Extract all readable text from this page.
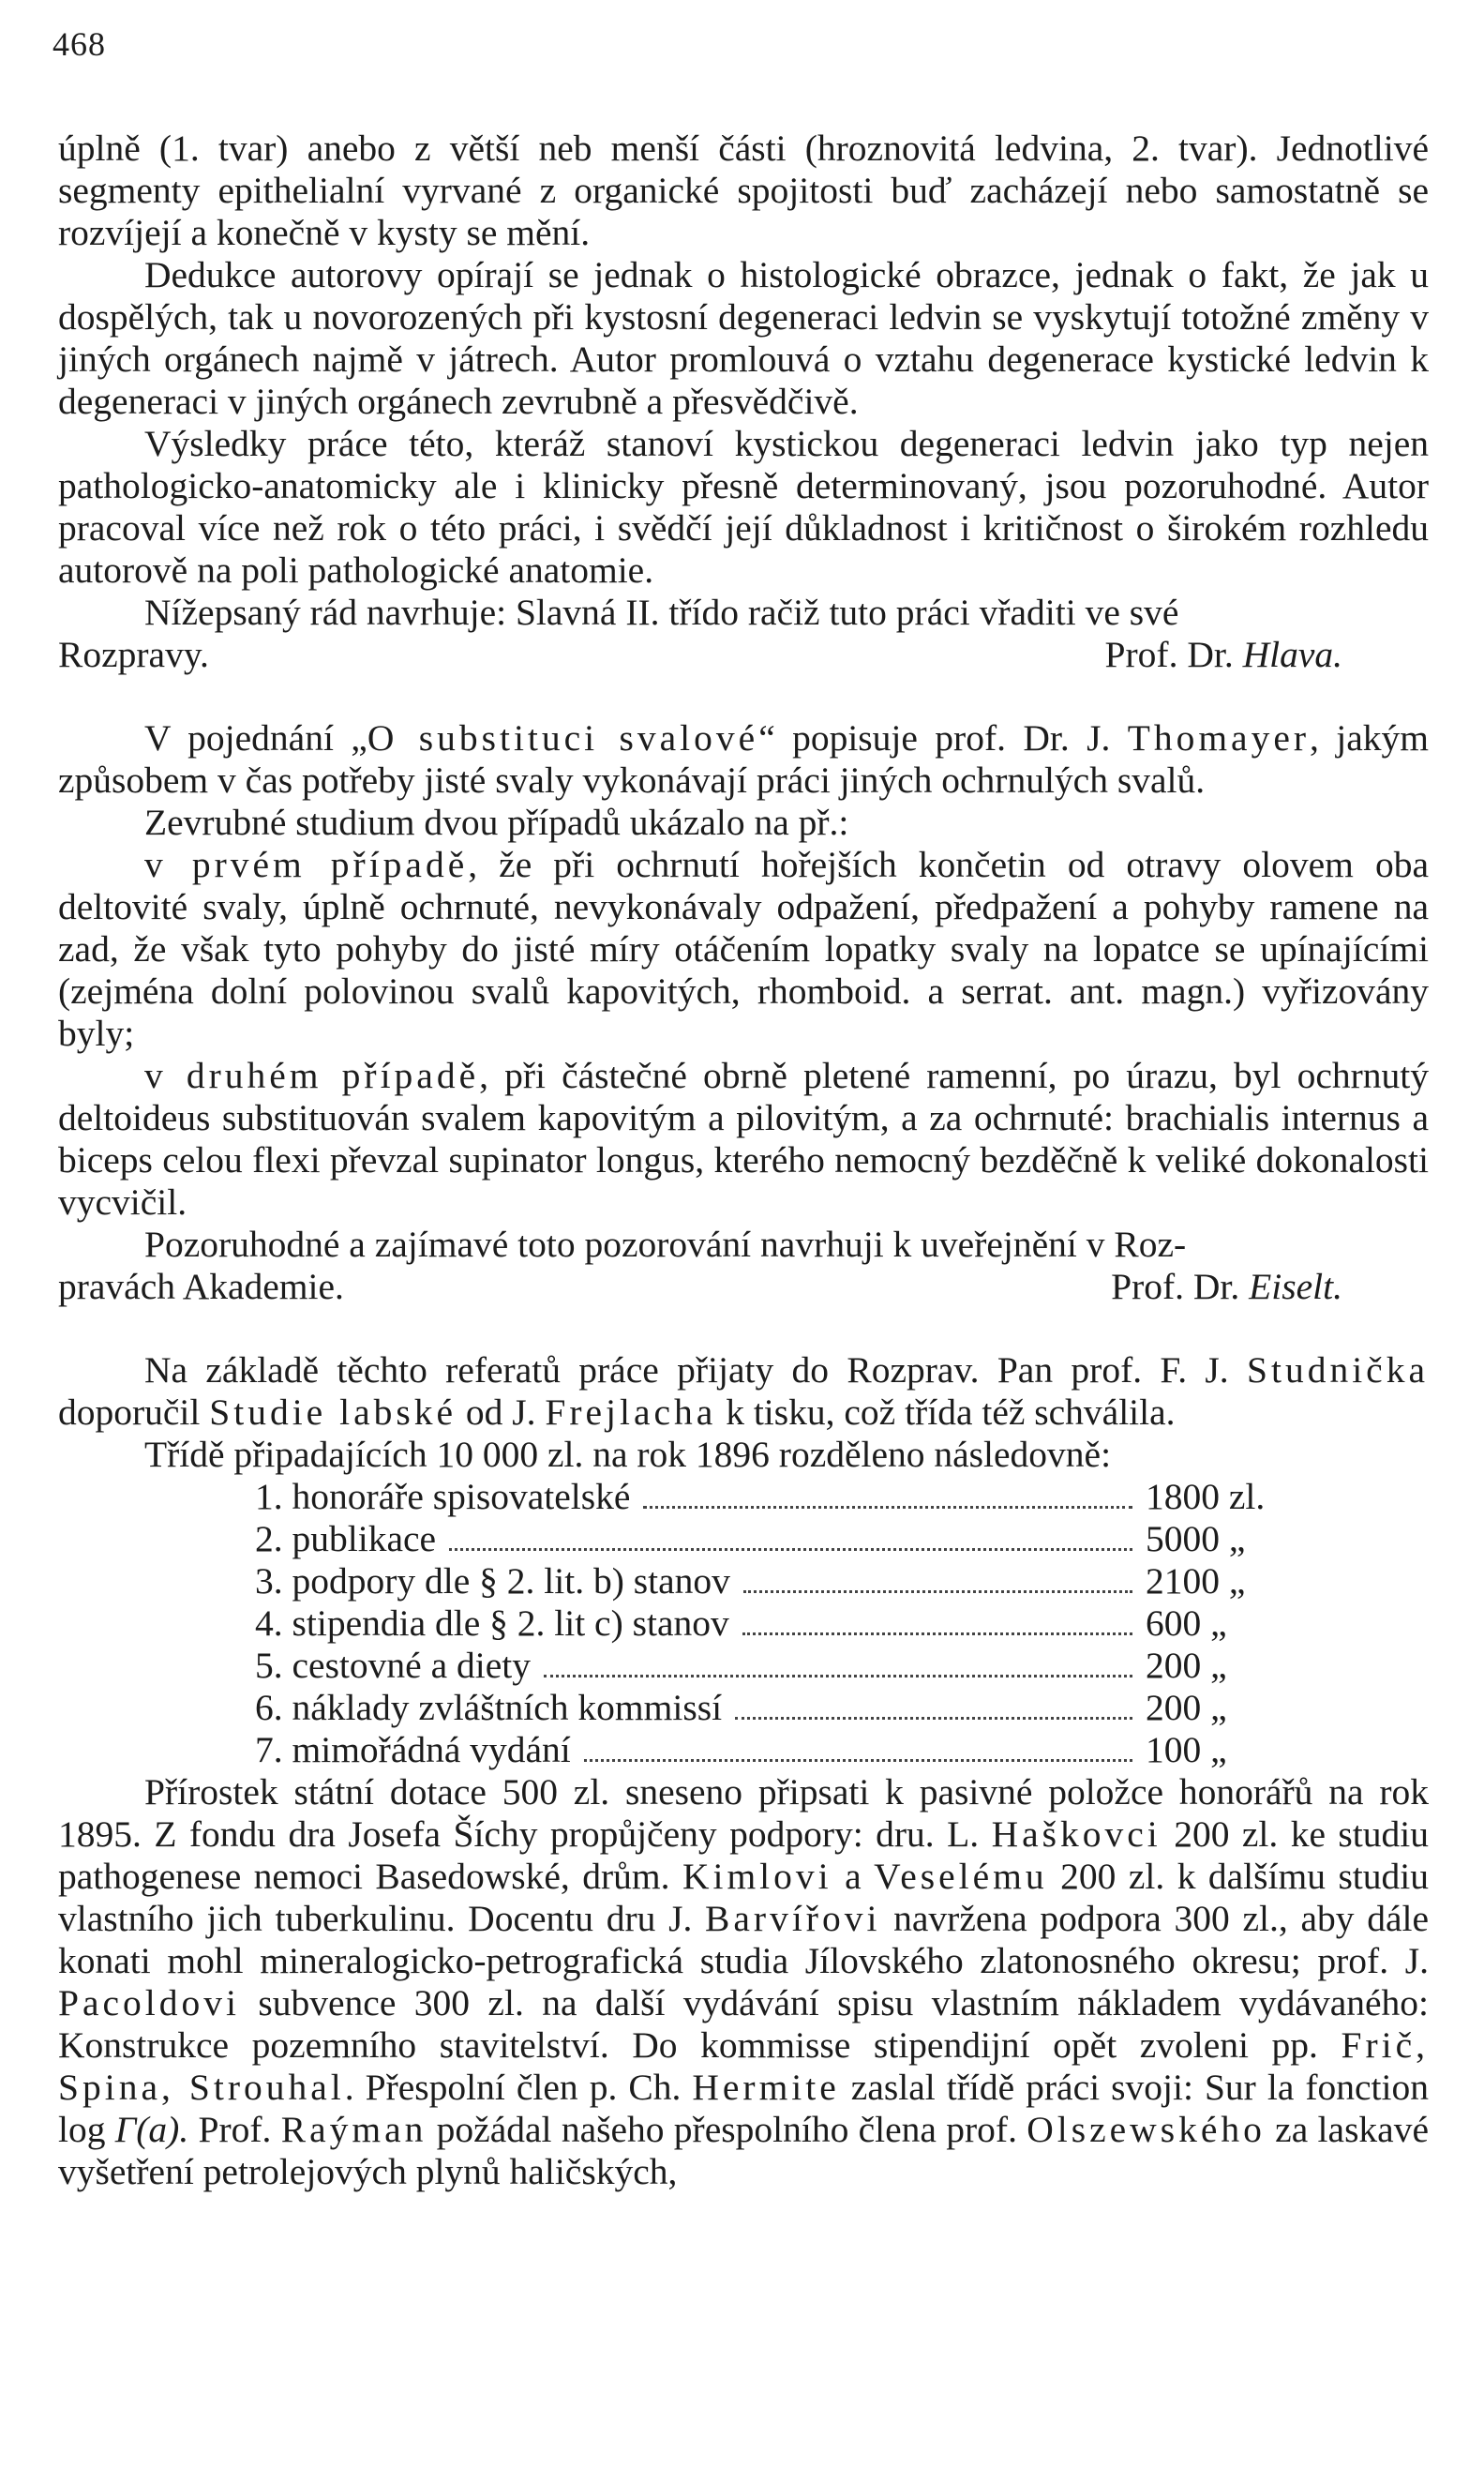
468

úplně (1. tvar) anebo z větší neb menší části (hroznovitá ledvina, 2. tvar). Jednotlivé segmenty epithelialní vyrvané z organické spojitosti buď zacházejí nebo samostatně se rozvíjejí a konečně v kysty se mění.

Dedukce autorovy opírají se jednak o histologické obrazce, jednak o fakt, že jak u dospělých, tak u novorozených při kystosní degeneraci ledvin se vyskytují totožné změny v jiných orgánech najmě v játrech. Autor promlouvá o vztahu degenerace kystické ledvin k degeneraci v jiných orgánech zevrubně a přesvědčivě.

Výsledky práce této, kteráž stanoví kystickou degeneraci ledvin jako typ nejen pathologicko-anatomicky ale i klinicky přesně determinovaný, jsou pozoruhodné. Autor pracoval více než rok o této práci, i svědčí její důkladnost i kritičnost o širokém rozhledu autorově na poli pathologické anatomie.

Nížepsaný rád navrhuje: Slavná II. třído račiž tuto práci vřaditi ve své

Rozpravy.	Prof. Dr. Hlava.

V pojednání „O substituci svalové“ popisuje prof. Dr. J. Thomayer, jakým způsobem v čas potřeby jisté svaly vykonávají práci jiných ochrnulých svalů.

Zevrubné studium dvou případů ukázalo na př.:

v prvém případě, že při ochrnutí hořejších končetin od otravy olovem oba deltovité svaly, úplně ochrnuté, nevykonávaly odpažení, předpažení a pohyby ramene na zad, že však tyto pohyby do jisté míry otáčením lopatky svaly na lopatce se upínajícími (zejména dolní polovinou svalů kapovitých, rhomboid. a serrat. ant. magn.) vyřizovány byly;

v druhém případě, při částečné obrně pletené ramenní, po úrazu, byl ochrnutý deltoideus substituován svalem kapovitým a pilovitým, a za ochrnuté: brachialis internus a biceps celou flexi převzal supinator longus, kterého nemocný bezděčně k veliké dokonalosti vycvičil.

Pozoruhodné a zajímavé toto pozorování navrhuji k uveřejnění v Roz-

pravách Akademie.	Prof. Dr. Eiselt.

Na základě těchto referatů práce přijaty do Rozprav. Pan prof. F. J. Studnička doporučil Studie labské od J. Frejlacha k tisku, což třída též schválila.

Třídě připadajících 10 000 zl. na rok 1896 rozděleno následovně:

1. honoráře spisovatelské	1800 zl.
2. publikace	5000 „
3. podpory dle § 2. lit. b) stanov	2100 „
4. stipendia dle § 2. lit c) stanov	600 „
5. cestovné a diety	200 „
6. náklady zvláštních kommissí	200 „
7. mimořádná vydání	100 „

Přírostek státní dotace 500 zl. sneseno připsati k pasivné položce honorářů na rok 1895. Z fondu dra Josefa Šíchy propůjčeny podpory: dru. L. Haškovci 200 zl. ke studiu pathogenese nemoci Basedowské, drům. Kimlovi a Veselému 200 zl. k dalšímu studiu vlastního jich tuberkulinu. Docentu dru J. Barvířovi navržena podpora 300 zl., aby dále konati mohl mineralogicko-petrografická studia Jílovského zlatonosného okresu; prof. J. Pacoldovi subvence 300 zl. na další vydávání spisu vlastním nákladem vydávaného: Konstrukce pozemního stavitelství. Do kommisse stipendijní opět zvoleni pp. Frič, Spina, Strouhal. Přespolní člen p. Ch. Hermite zaslal třídě práci svoji: Sur la fonction log Γ(a). Prof. Raýman požádal našeho přespolního člena prof. Olszewského za laskavé vyšetření petrolejových plynů haličských,
